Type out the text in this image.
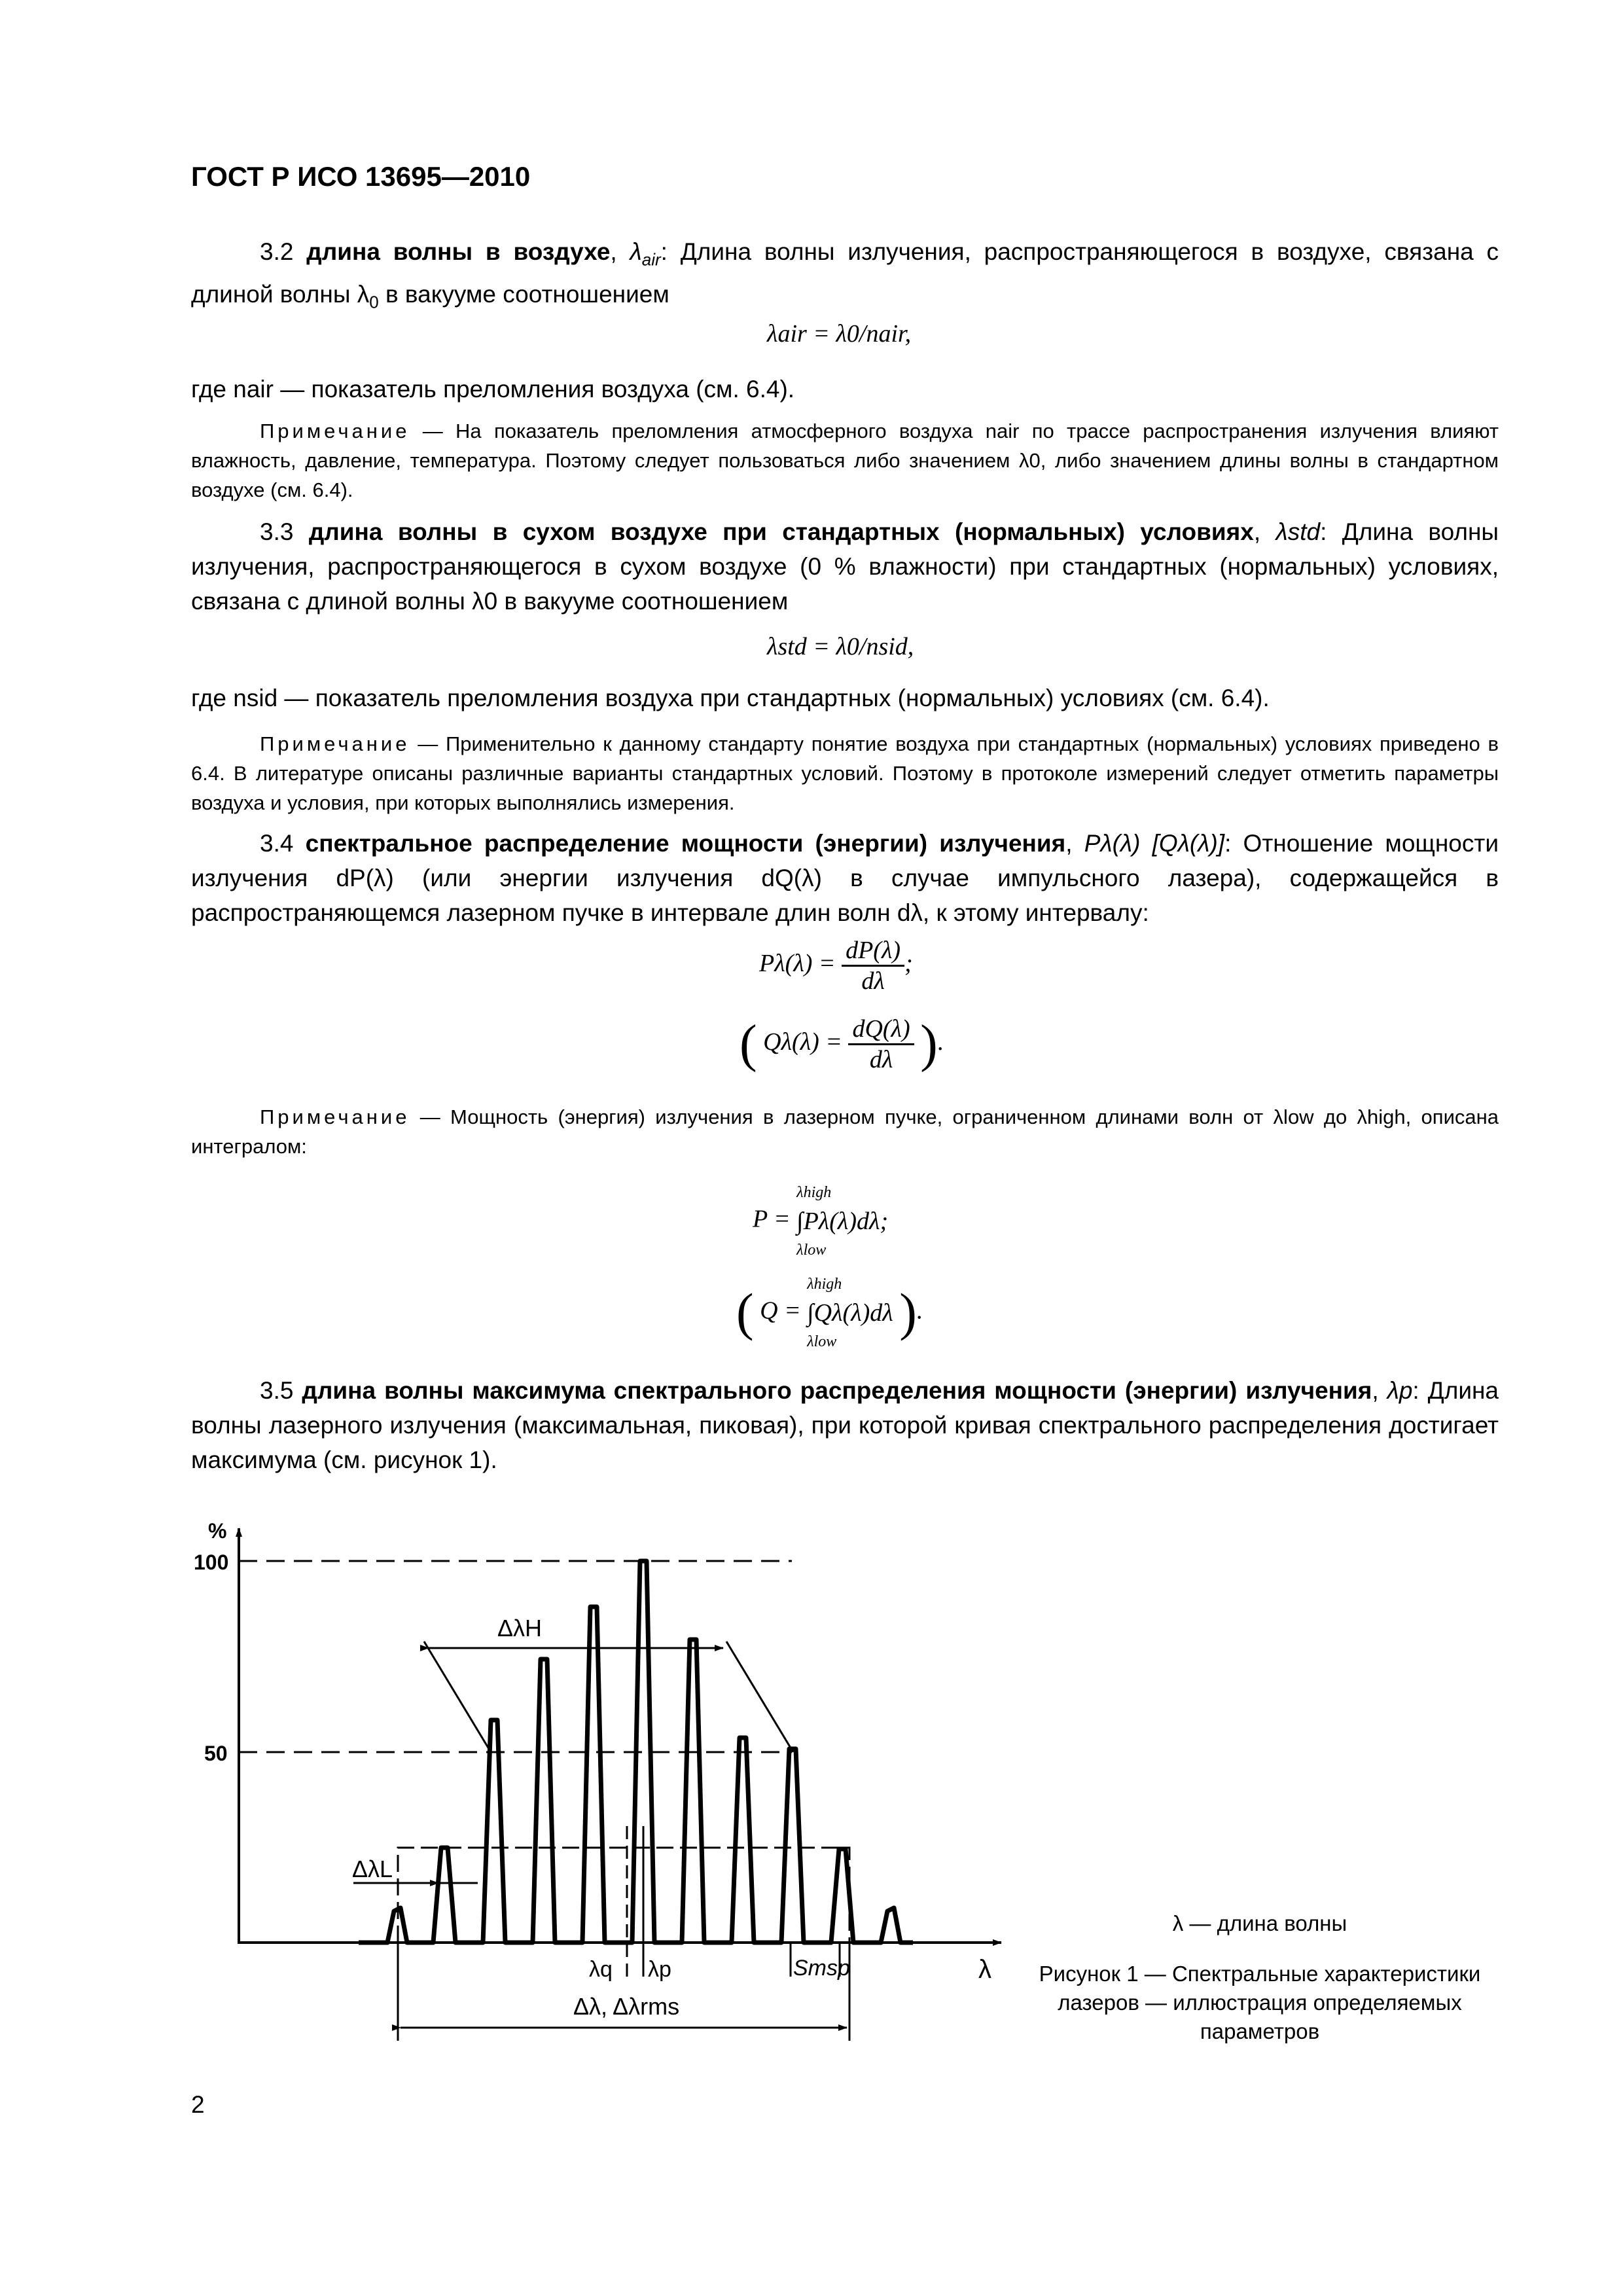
ГОСТ Р ИСО 13695—2010
3.2 длина волны в воздухе, $\lambda_{air}$: Длина волны излучения, распространяющегося в воздухе, связана с длиной волны $\lambda_0$ в вакууме соотношением
λair = λ0/nair,
где nair — показатель преломления воздуха (см. 6.4).
Примечание — На показатель преломления атмосферного воздуха nair по трассе распространения излучения влияют влажность, давление, температура. Поэтому следует пользоваться либо значением λ0, либо значением длины волны в стандартном воздухе (см. 6.4).
3.3 длина волны в сухом воздухе при стандартных (нормальных) условиях, λstd: Длина волны излучения, распространяющегося в сухом воздухе (0 % влажности) при стандартных (нормальных) условиях, связана с длиной волны λ0 в вакууме соотношением
λstd = λ0/nsid,
где nsid — показатель преломления воздуха при стандартных (нормальных) условиях (см. 6.4).
Примечание — Применительно к данному стандарту понятие воздуха при стандартных (нормальных) условиях приведено в 6.4. В литературе описаны различные варианты стандартных условий. Поэтому в протоколе измерений следует отметить параметры воздуха и условия, при которых выполнялись измерения.
3.4 спектральное распределение мощности (энергии) излучения, Pλ(λ) [Qλ(λ)]: Отношение мощности излучения dP(λ) (или энергии излучения dQ(λ) в случае импульсного лазера), содержащейся в распространяющемся лазерном пучке в интервале длин волн dλ, к этому интервалу:
$P\lambda(\lambda) = \frac{dP(\lambda)}{d\lambda}$ ;
( $Q\lambda(\lambda) = \frac{dQ(\lambda)}{d\lambda}$ ).
Примечание — Мощность (энергия) излучения в лазерном пучке, ограниченном длинами волн от λlow до λhigh, описана интегралом:
P =
λhigh
∫Pλ(λ)dλ;
λlow
( Q =
λhigh
∫Qλ(λ)dλ
λlow
).
3.5 длина волны максимума спектрального распределения мощности (энергии) излучения, λp: Длина волны лазерного излучения (максимальная, пиковая), при которой кривая спектрального распределения достигает максимума (см. рисунок 1).
ΔλH
ΔλL
λq λp	Smsp
Δλ, Δλrms
%
100
50
λ
λ — длина волны
Рисунок 1 — Спектральные характеристики лазеров — иллюстрация определяемых параметров
2
